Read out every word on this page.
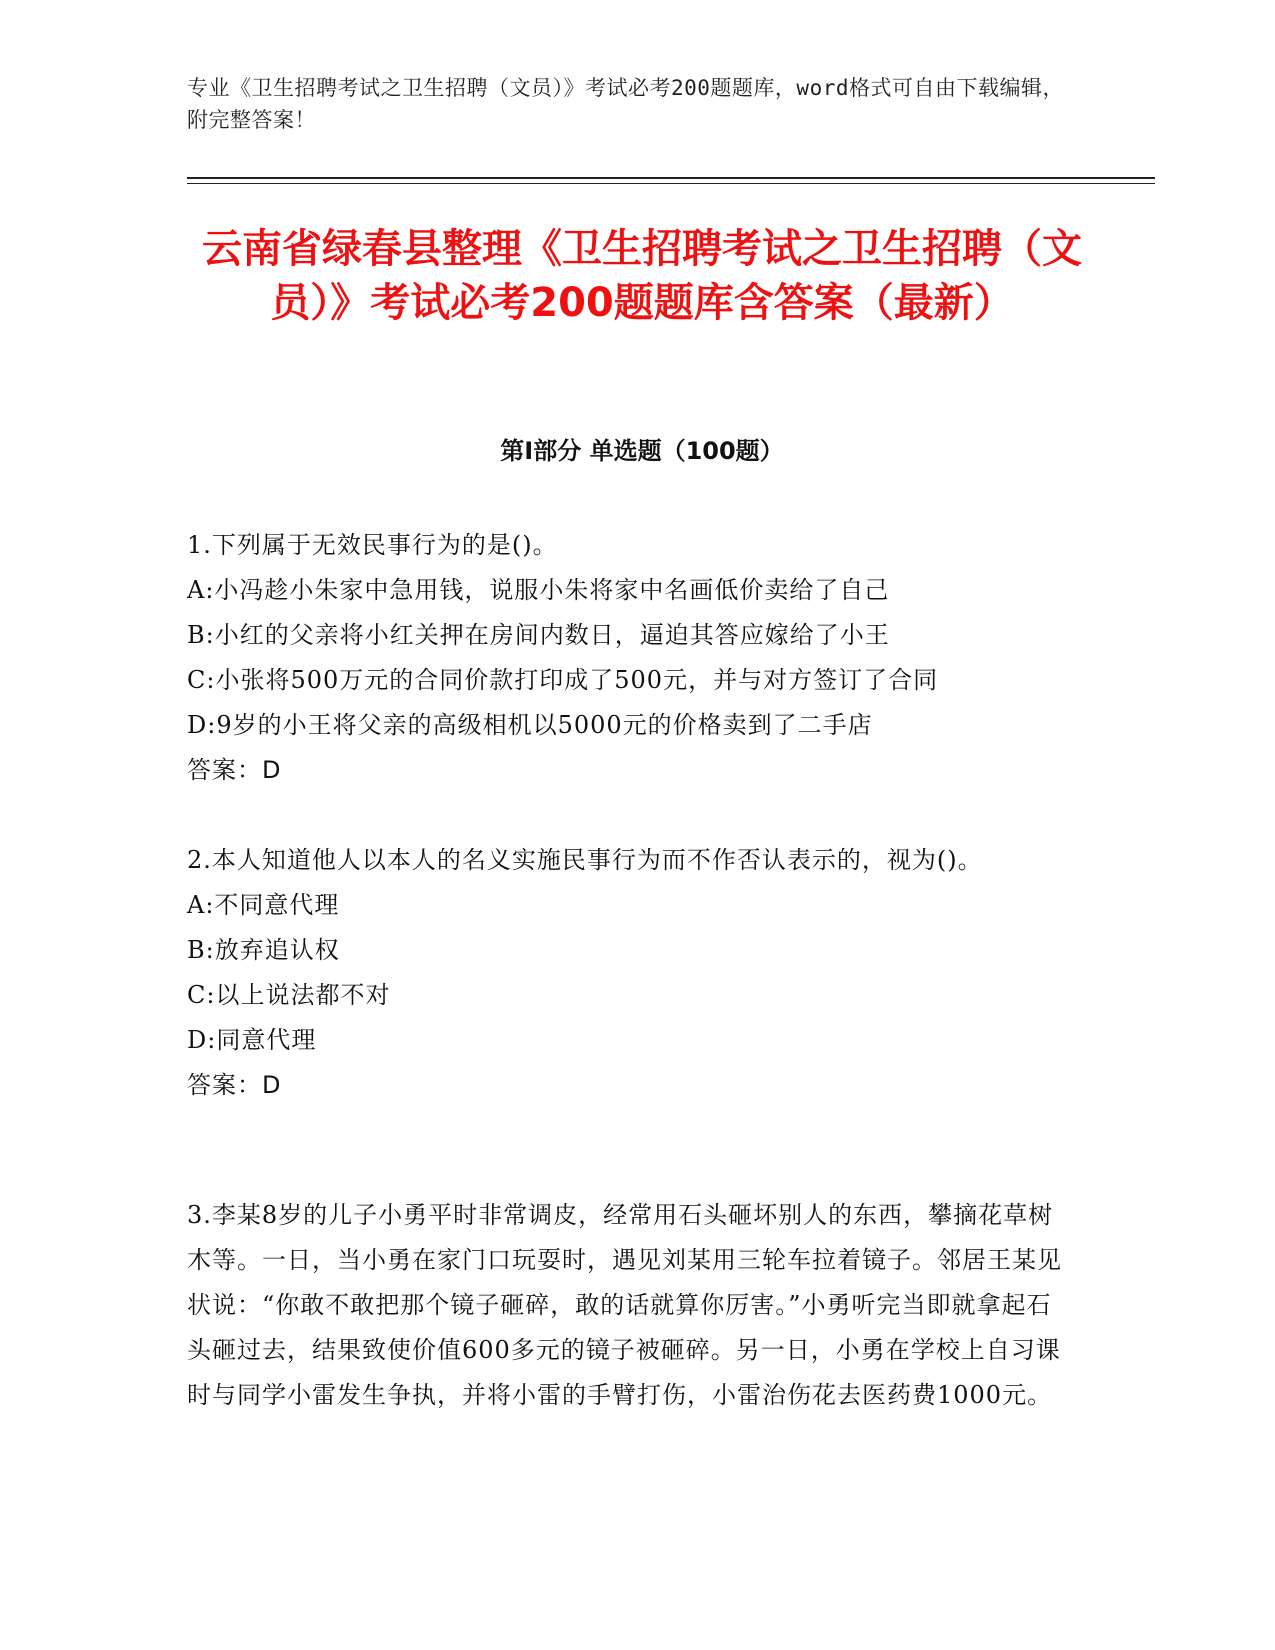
专业《卫生招聘考试之卫生招聘（文员）》考试必考200题题库，word格式可自由下载编辑，附完整答案！
云南省绿春县整理《卫生招聘考试之卫生招聘（文员）》考试必考200题题库含答案（最新）
第Ⅰ部分 单选题（100题）
1.下列属于无效民事行为的是()。
A:小冯趁小朱家中急用钱，说服小朱将家中名画低价卖给了自己
B:小红的父亲将小红关押在房间内数日，逼迫其答应嫁给了小王
C:小张将500万元的合同价款打印成了500元，并与对方签订了合同
D:9岁的小王将父亲的高级相机以5000元的价格卖到了二手店
答案：D
2.本人知道他人以本人的名义实施民事行为而不作否认表示的，视为()。
A:不同意代理
B:放弃追认权
C:以上说法都不对
D:同意代理
答案：D
3.李某8岁的儿子小勇平时非常调皮，经常用石头砸坏别人的东西，攀摘花草树木等。一日，当小勇在家门口玩耍时，遇见刘某用三轮车拉着镜子。邻居王某见状说：“你敢不敢把那个镜子砸碎，敢的话就算你厉害。”小勇听完当即就拿起石头砸过去，结果致使价值600多元的镜子被砸碎。另一日，小勇在学校上自习课时与同学小雷发生争执，并将小雷的手臂打伤，小雷治伤花去医药费1000元。
